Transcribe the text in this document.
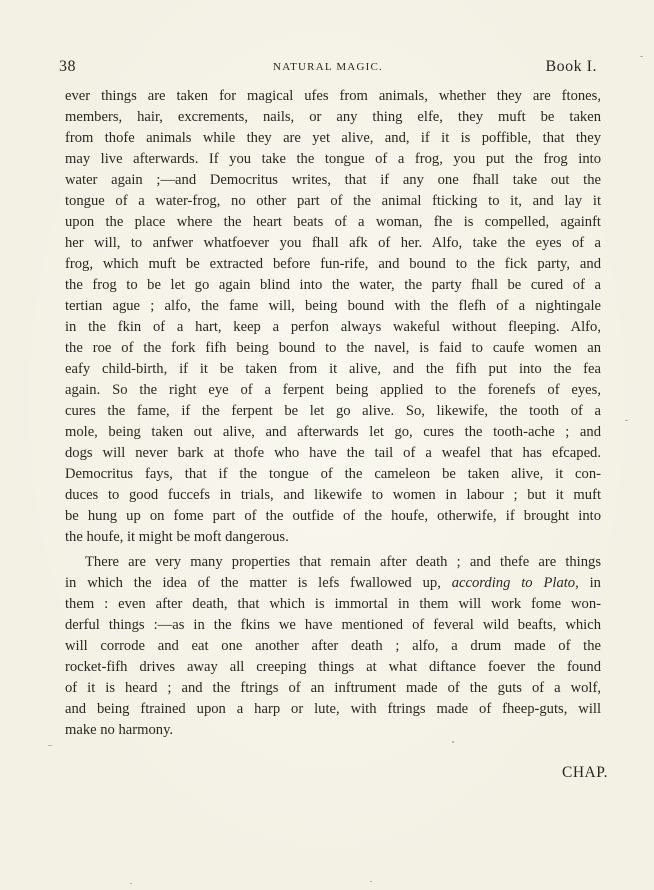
38	NATURAL MAGIC.	Book I.
ever things are taken for magical ufes from animals, whether they are ftones,
members, hair, excrements, nails, or any thing elfe, they muft be taken
from thofe animals while they are yet alive, and, if it is poffible, that they
may live afterwards. If you take the tongue of a frog, you put the frog into
water again ;—and Democritus writes, that if any one fhall take out the
tongue of a water-frog, no other part of the animal fticking to it, and lay it
upon the place where the heart beats of a woman, fhe is compelled, againft
her will, to anfwer whatfoever you fhall afk of her. Alfo, take the eyes of a
frog, which muft be extracted before fun-rife, and bound to the fick party, and
the frog to be let go again blind into the water, the party fhall be cured of a
tertian ague ; alfo, the fame will, being bound with the flefh of a nightingale
in the fkin of a hart, keep a perfon always wakeful without fleeping. Alfo,
the roe of the fork fifh being bound to the navel, is faid to caufe women an
eafy child-birth, if it be taken from it alive, and the fifh put into the fea
again. So the right eye of a ferpent being applied to the forenefs of eyes,
cures the fame, if the ferpent be let go alive. So, likewife, the tooth of a
mole, being taken out alive, and afterwards let go, cures the tooth-ache ; and
dogs will never bark at thofe who have the tail of a weafel that has efcaped.
Democritus fays, that if the tongue of the cameleon be taken alive, it con-
duces to good fuccefs in trials, and likewife to women in labour ; but it muft
be hung up on fome part of the outfide of the houfe, otherwife, if brought into
the houfe, it might be moft dangerous.
There are very many properties that remain after death ; and thefe are things
in which the idea of the matter is lefs fwallowed up, according to Plato, in
them : even after death, that which is immortal in them will work fome won-
derful things :—as in the fkins we have mentioned of feveral wild beafts, which
will corrode and eat one another after death ; alfo, a drum made of the
rocket-fifh drives away all creeping things at what diftance foever the found
of it is heard ; and the ftrings of an inftrument made of the guts of a wolf,
and being ftrained upon a harp or lute, with ftrings made of fheep-guts, will
make no harmony.
CHAP.
